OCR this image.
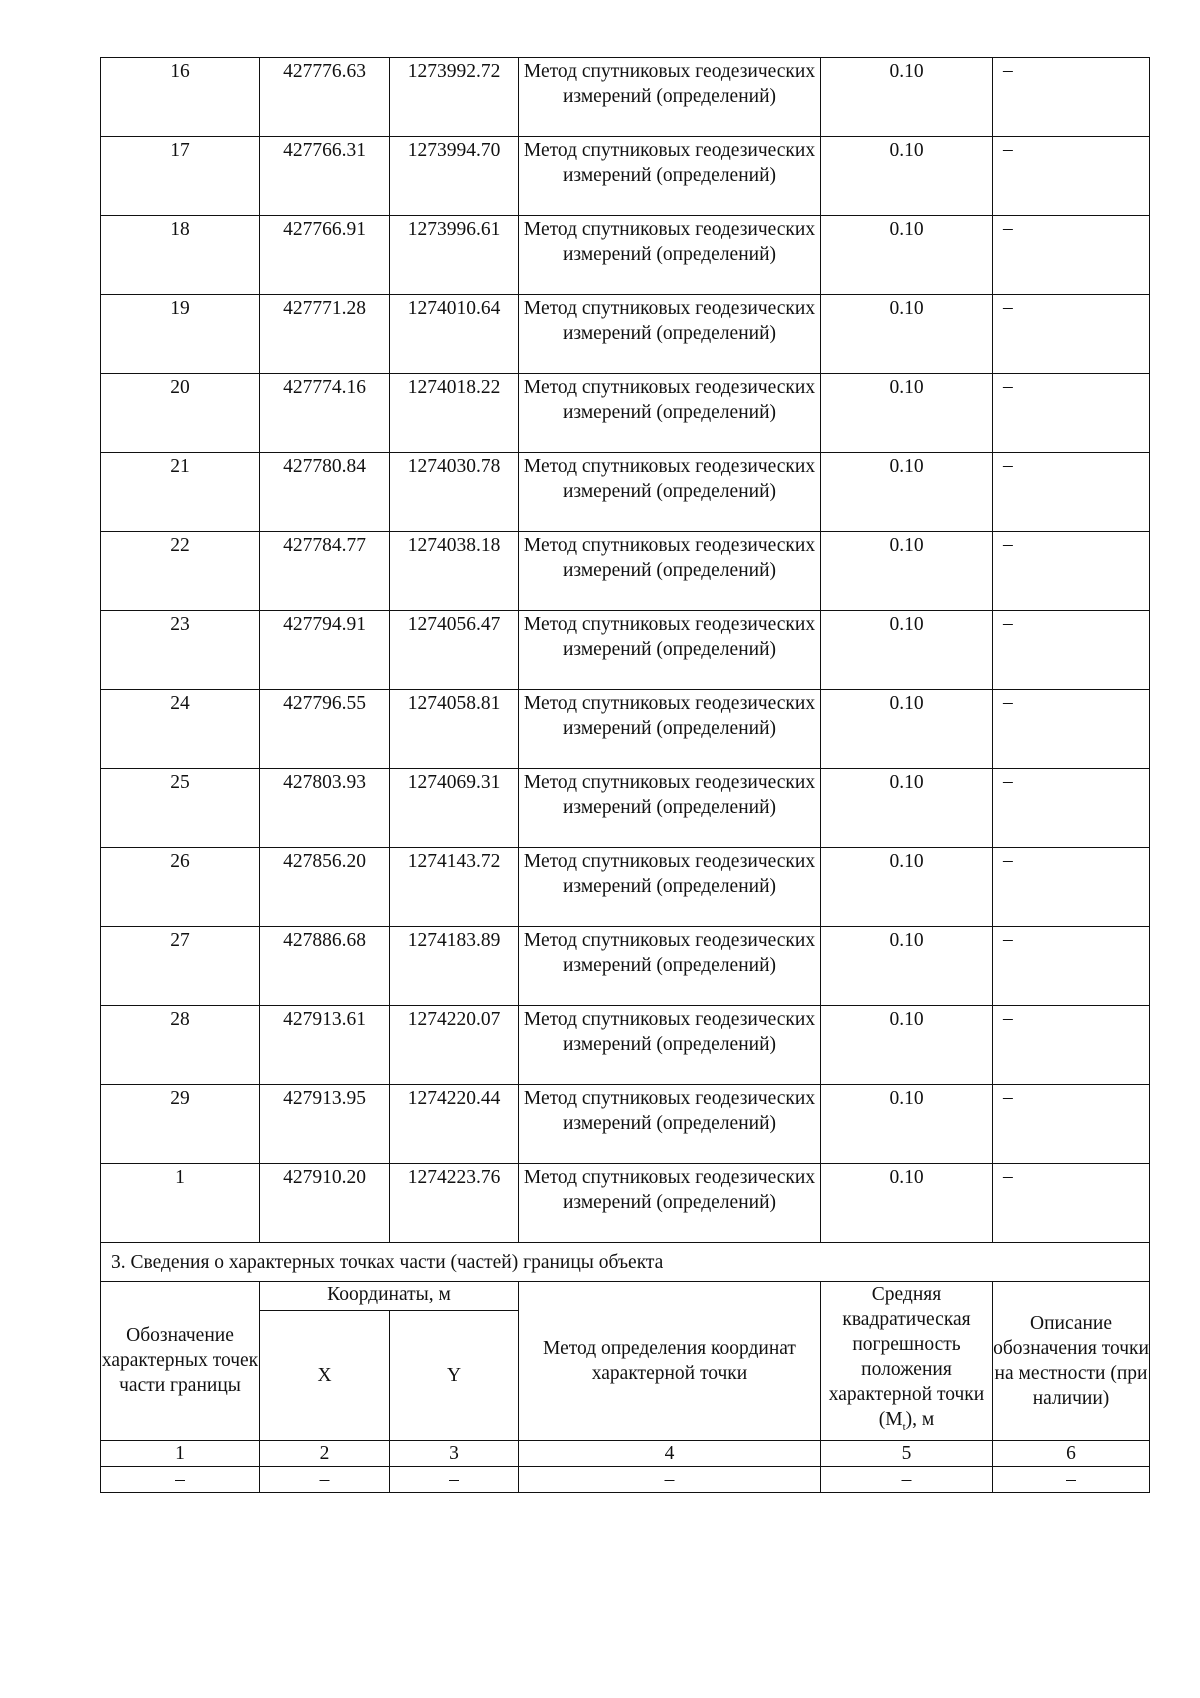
16	427776.63	1273992.72	Метод спутниковых геодезических измерений (определений)	0.10	–
17	427766.31	1273994.70	Метод спутниковых геодезических измерений (определений)	0.10	–
18	427766.91	1273996.61	Метод спутниковых геодезических измерений (определений)	0.10	–
19	427771.28	1274010.64	Метод спутниковых геодезических измерений (определений)	0.10	–
20	427774.16	1274018.22	Метод спутниковых геодезических измерений (определений)	0.10	–
21	427780.84	1274030.78	Метод спутниковых геодезических измерений (определений)	0.10	–
22	427784.77	1274038.18	Метод спутниковых геодезических измерений (определений)	0.10	–
23	427794.91	1274056.47	Метод спутниковых геодезических измерений (определений)	0.10	–
24	427796.55	1274058.81	Метод спутниковых геодезических измерений (определений)	0.10	–
25	427803.93	1274069.31	Метод спутниковых геодезических измерений (определений)	0.10	–
26	427856.20	1274143.72	Метод спутниковых геодезических измерений (определений)	0.10	–
27	427886.68	1274183.89	Метод спутниковых геодезических измерений (определений)	0.10	–
28	427913.61	1274220.07	Метод спутниковых геодезических измерений (определений)	0.10	–
29	427913.95	1274220.44	Метод спутниковых геодезических измерений (определений)	0.10	–
1	427910.20	1274223.76	Метод спутниковых геодезических измерений (определений)	0.10	–
3. Сведения о характерных точках части (частей) границы объекта					
Обозначение характерных точек части границы	Координаты, м		Метод определения координат характерной точки	Средняя квадратическая погрешность положения характерной точки $(M_t)$, м	Описание обозначения точки на местности (при наличии)
	X	Y			
1	2	3	4	5	6
–	–	–	–	–	–
